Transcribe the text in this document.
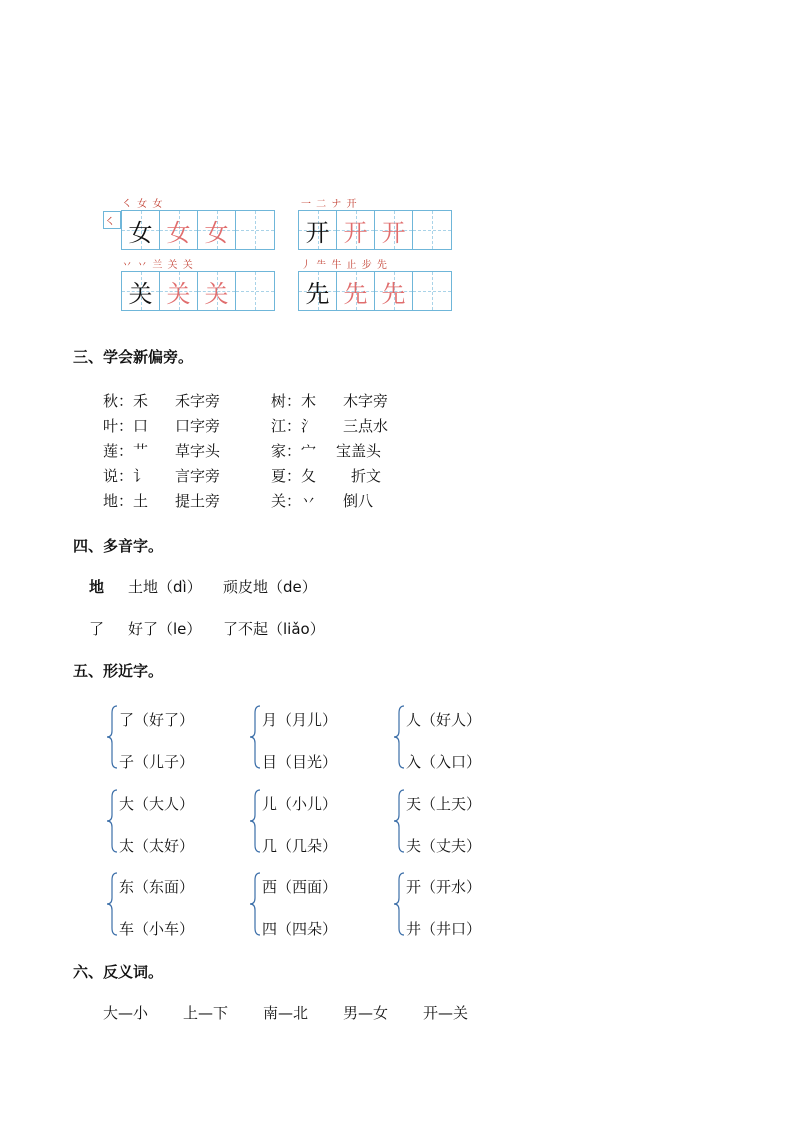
㇛ 女 女
㇛ 女 女 女
一 二 ナ 开
开 开 开
丷 丷 兰 关 关
关 关 关
丿 ⺧ 牛 止 步 先
先 先 先
三、学会新偏旁。
秋：禾 禾字旁	树：木 木字旁
叶：口 口字旁	江：氵 三点水
莲：艹 草字头	家：宀 宝盖头
说：讠 言字旁	夏：夂 折文
地：土 提土旁	关：丷 倒八
四、多音字。
地 土地（dì） 顽皮地（de）
了 好了（le） 了不起（liǎo）
五、形近字。
了（好了）
子（儿子）
月（月儿）
目（目光）
人（好人）
入（入口）
大（大人）
太（太好）
儿（小儿）
几（几朵）
天（上天）
夫（丈夫）
东（东面）
车（小车）
西（西面）
四（四朵）
开（开水）
井（井口）
六、反义词。
大—小 上—下 南—北 男—女 开—关
